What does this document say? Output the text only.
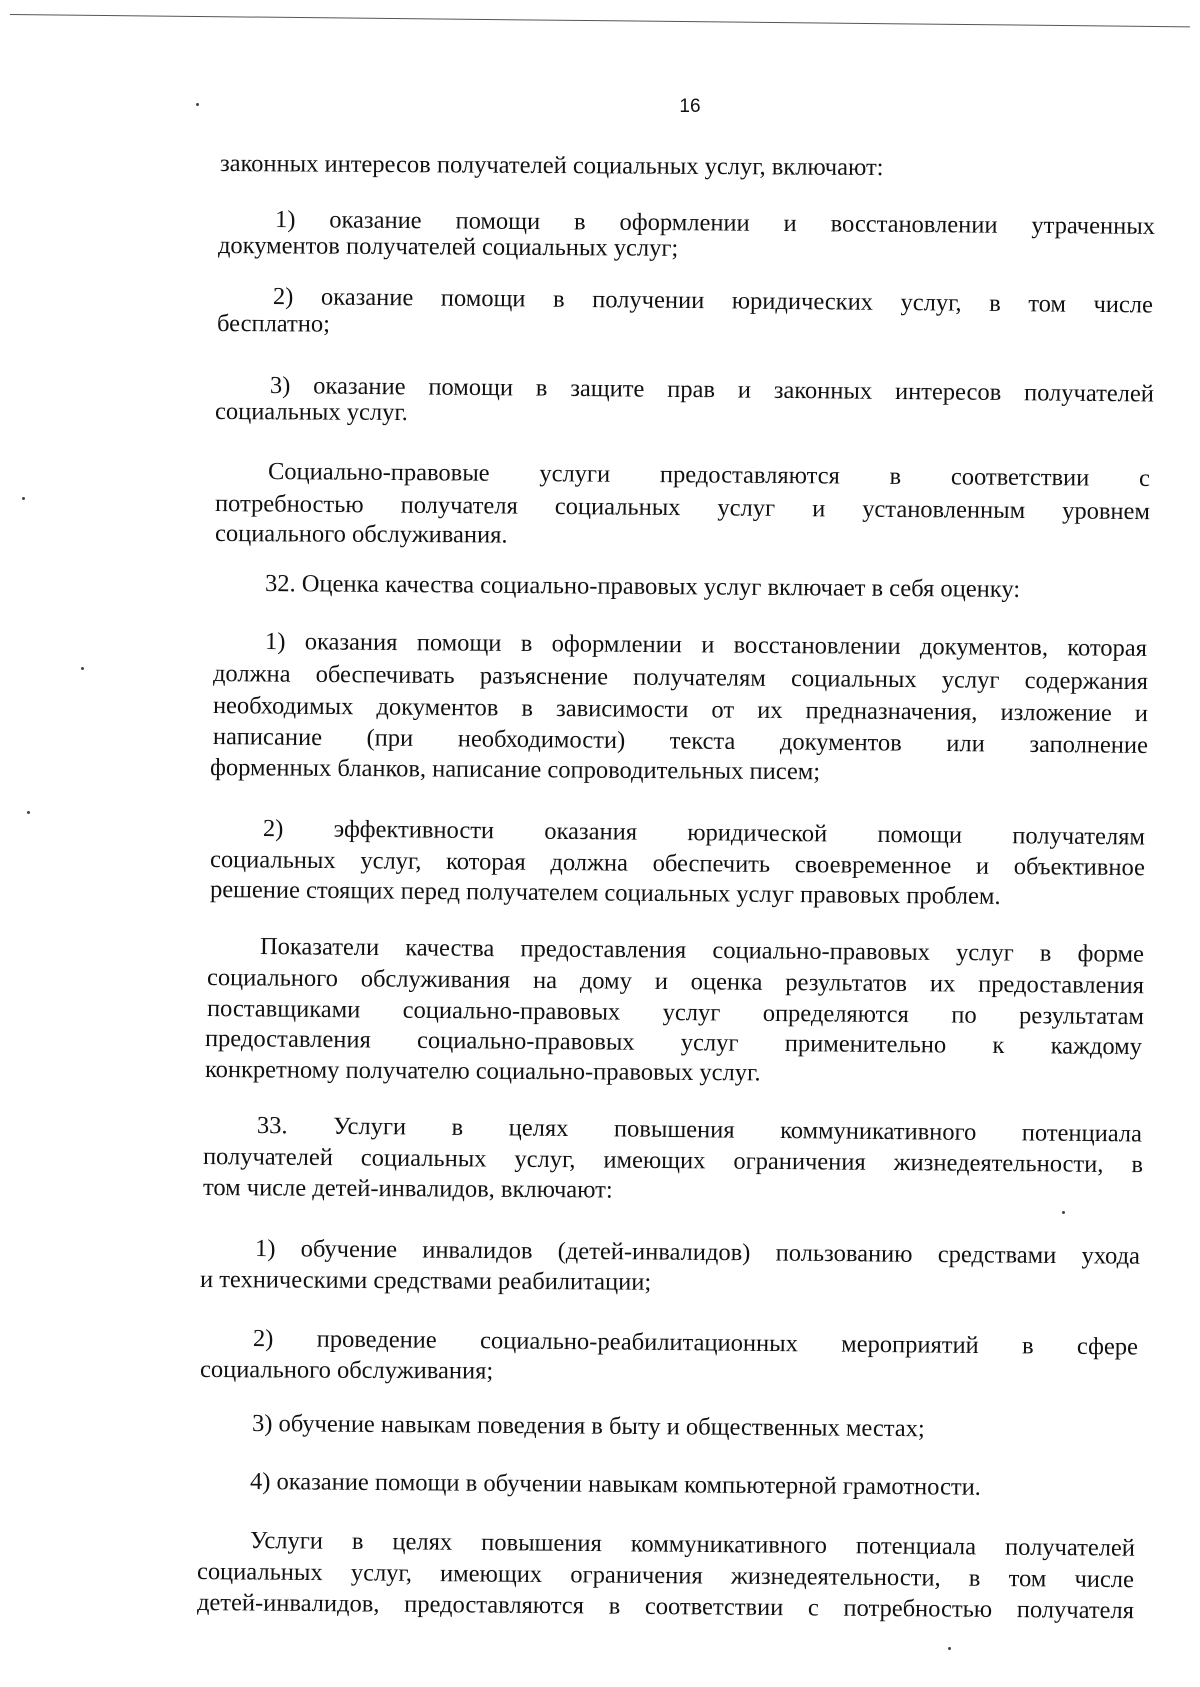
16
законных интересов получателей социальных услуг, включают:
1) оказание помощи в оформлении и восстановлении утраченных
документов получателей социальных услуг;
2) оказание помощи в получении юридических услуг, в том числе
бесплатно;
3) оказание помощи в защите прав и законных интересов получателей
социальных услуг.
Социально-правовые услуги предоставляются в соответствии с
потребностью получателя социальных услуг и установленным уровнем
социального обслуживания.
32. Оценка качества социально-правовых услуг включает в себя оценку:
1) оказания помощи в оформлении и восстановлении документов, которая
должна обеспечивать разъяснение получателям социальных услуг содержания
необходимых документов в зависимости от их предназначения, изложение и
написание (при необходимости) текста документов или заполнение
форменных бланков, написание сопроводительных писем;
2) эффективности оказания юридической помощи получателям
социальных услуг, которая должна обеспечить своевременное и объективное
решение стоящих перед получателем социальных услуг правовых проблем.
Показатели качества предоставления социально-правовых услуг в форме
социального обслуживания на дому и оценка результатов их предоставления
поставщиками социально-правовых услуг определяются по результатам
предоставления социально-правовых услуг применительно к каждому
конкретному получателю социально-правовых услуг.
33. Услуги в целях повышения коммуникативного потенциала
получателей социальных услуг, имеющих ограничения жизнедеятельности, в
том числе детей-инвалидов, включают:
1) обучение инвалидов (детей-инвалидов) пользованию средствами ухода
и техническими средствами реабилитации;
2) проведение социально-реабилитационных мероприятий в сфере
социального обслуживания;
3) обучение навыкам поведения в быту и общественных местах;
4) оказание помощи в обучении навыкам компьютерной грамотности.
Услуги в целях повышения коммуникативного потенциала получателей
социальных услуг, имеющих ограничения жизнедеятельности, в том числе
детей-инвалидов, предоставляются в соответствии с потребностью получателя
